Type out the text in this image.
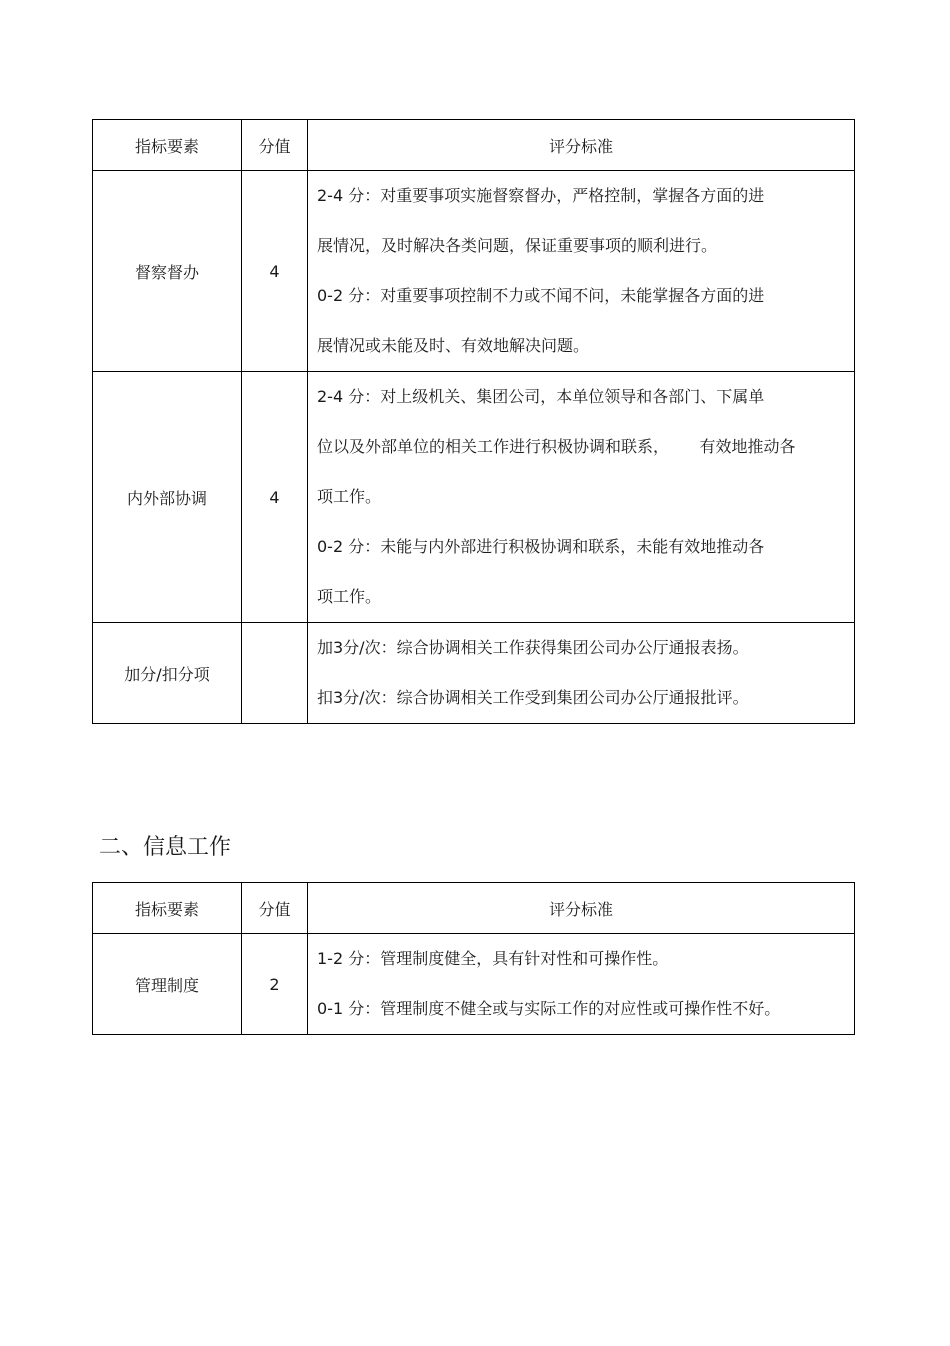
指标要素	分值	评分标准
督察督办	4	2-4 分：对重要事项实施督察督办，严格控制，掌握各方面的进
展情况，及时解决各类问题，保证重要事项的顺利进行。
0-2 分：对重要事项控制不力或不闻不问，未能掌握各方面的进
展情况或未能及时、有效地解决问题。

内外部协调	4	2-4 分：对上级机关、集团公司，本单位领导和各部门、下属单
位以及外部单位的相关工作进行积极协调和联系，      有效地推动各
项工作。
0-2 分：未能与内外部进行积极协调和联系，未能有效地推动各
项工作。

加分/扣分项		加3分/次：综合协调相关工作获得集团公司办公厅通报表扬。
扣3分/次：综合协调相关工作受到集团公司办公厅通报批评。
二、信息工作
指标要素	分值	评分标准
管理制度	2	1-2 分：管理制度健全，具有针对性和可操作性。
0-1 分：管理制度不健全或与实际工作的对应性或可操作性不好。
